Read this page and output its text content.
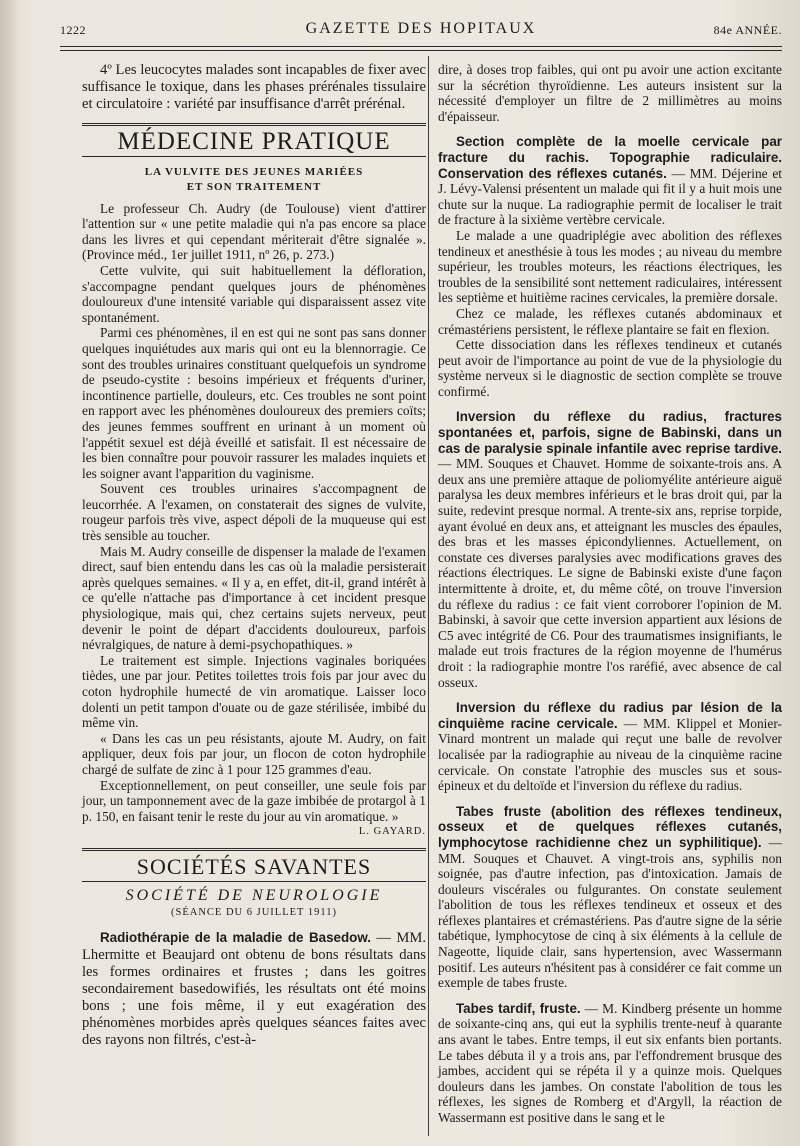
1222	GAZETTE DES HOPITAUX	84e ANNÉE.

4º Les leucocytes malades sont incapables de fixer avec suffisance le toxique, dans les phases prérénales tissulaire et circulatoire : variété par insuffisance d'arrêt prérénal.

MÉDECINE PRATIQUE
LA VULVITE DES JEUNES MARIÉES
ET SON TRAITEMENT

Le professeur Ch. Audry (de Toulouse) vient d'attirer l'attention sur « une petite maladie qui n'a pas encore sa place dans les livres et qui cependant mériterait d'être signalée ». (Province méd., 1er juillet 1911, nº 26, p. 273.)

Cette vulvite, qui suit habituellement la défloration, s'accompagne pendant quelques jours de phénomènes douloureux d'une intensité variable qui disparaissent assez vite spontanément.

Parmi ces phénomènes, il en est qui ne sont pas sans donner quelques inquiétudes aux maris qui ont eu la blennorragie. Ce sont des troubles urinaires constituant quelquefois un syndrome de pseudo-cystite : besoins impérieux et fréquents d'uriner, incontinence partielle, douleurs, etc. Ces troubles ne sont point en rapport avec les phénomènes douloureux des premiers coïts; des jeunes femmes souffrent en urinant à un moment où l'appétit sexuel est déjà éveillé et satisfait. Il est nécessaire de les bien connaître pour pouvoir rassurer les malades inquiets et les soigner avant l'apparition du vaginisme.

Souvent ces troubles urinaires s'accompagnent de leucorrhée. A l'examen, on constaterait des signes de vulvite, rougeur parfois très vive, aspect dépoli de la muqueuse qui est très sensible au toucher.

Mais M. Audry conseille de dispenser la malade de l'examen direct, sauf bien entendu dans les cas où la maladie persisterait après quelques semaines. « Il y a, en effet, dit-il, grand intérêt à ce qu'elle n'attache pas d'importance à cet incident presque physiologique, mais qui, chez certains sujets nerveux, peut devenir le point de départ d'accidents douloureux, parfois névralgiques, de nature à demi-psychopathiques. »

Le traitement est simple. Injections vaginales boriquées tièdes, une par jour. Petites toilettes trois fois par jour avec du coton hydrophile humecté de vin aromatique. Laisser loco dolenti un petit tampon d'ouate ou de gaze stérilisée, imbibé du même vin.

« Dans les cas un peu résistants, ajoute M. Audry, on fait appliquer, deux fois par jour, un flocon de coton hydrophile chargé de sulfate de zinc à 1 pour 125 grammes d'eau.

Exceptionnellement, on peut conseiller, une seule fois par jour, un tamponnement avec de la gaze imbibée de protargol à 1 p. 150, en faisant tenir le reste du jour au vin aromatique. »

L. GAYARD.
SOCIÉTÉS SAVANTES
SOCIÉTÉ DE NEUROLOGIE
(SÉANCE DU 6 JUILLET 1911)

Radiothérapie de la maladie de Basedow. — MM. Lhermitte et Beaujard ont obtenu de bons résultats dans les formes ordinaires et frustes ; dans les goitres secondairement basedowifiés, les résultats ont été moins bons ; une fois même, il y eut exagération des phénomènes morbides après quelques séances faites avec des rayons non filtrés, c'est-à-

dire, à doses trop faibles, qui ont pu avoir une action excitante sur la sécrétion thyroïdienne. Les auteurs insistent sur la nécessité d'employer un filtre de 2 millimètres au moins d'épaisseur.

Section complète de la moelle cervicale par fracture du rachis. Topographie radiculaire. Conservation des réflexes cutanés. — MM. Déjerine et J. Lévy-Valensi présentent un malade qui fit il y a huit mois une chute sur la nuque. La radiographie permit de localiser le trait de fracture à la sixième vertèbre cervicale.

Le malade a une quadriplégie avec abolition des réflexes tendineux et anesthésie à tous les modes ; au niveau du membre supérieur, les troubles moteurs, les réactions électriques, les troubles de la sensibilité sont nettement radiculaires, intéressent les septième et huitième racines cervicales, la première dorsale.

Chez ce malade, les réflexes cutanés abdominaux et crémastériens persistent, le réflexe plantaire se fait en flexion.

Cette dissociation dans les réflexes tendineux et cutanés peut avoir de l'importance au point de vue de la physiologie du système nerveux si le diagnostic de section complète se trouve confirmé.

Inversion du réflexe du radius, fractures spontanées et, parfois, signe de Babinski, dans un cas de paralysie spinale infantile avec reprise tardive. — MM. Souques et Chauvet. Homme de soixante-trois ans. A deux ans une première attaque de poliomyélite antérieure aiguë paralysa les deux membres inférieurs et le bras droit qui, par la suite, redevint presque normal. A trente-six ans, reprise torpide, ayant évolué en deux ans, et atteignant les muscles des épaules, des bras et les masses épicondyliennes. Actuellement, on constate ces diverses paralysies avec modifications graves des réactions électriques. Le signe de Babinski existe d'une façon intermittente à droite, et, du même côté, on trouve l'inversion du réflexe du radius : ce fait vient corroborer l'opinion de M. Babinski, à savoir que cette inversion appartient aux lésions de C5 avec intégrité de C6. Pour des traumatismes insignifiants, le malade eut trois fractures de la région moyenne de l'humérus droit : la radiographie montre l'os raréfié, avec absence de cal osseux.

Inversion du réflexe du radius par lésion de la cinquième racine cervicale. — MM. Klippel et Monier-Vinard montrent un malade qui reçut une balle de revolver localisée par la radiographie au niveau de la cinquième racine cervicale. On constate l'atrophie des muscles sus et sous-épineux et du deltoïde et l'inversion du réflexe du radius.

Tabes fruste (abolition des réflexes tendineux, osseux et de quelques réflexes cutanés, lymphocytose rachidienne chez un syphilitique). — MM. Souques et Chauvet. A vingt-trois ans, syphilis non soignée, pas d'autre infection, pas d'intoxication. Jamais de douleurs viscérales ou fulgurantes. On constate seulement l'abolition de tous les réflexes tendineux et osseux et des réflexes plantaires et crémastériens. Pas d'autre signe de la série tabétique, lymphocytose de cinq à six éléments à la cellule de Nageotte, liquide clair, sans hypertension, avec Wassermann positif. Les auteurs n'hésitent pas à considérer ce fait comme un exemple de tabes fruste.

Tabes tardif, fruste. — M. Kindberg présente un homme de soixante-cinq ans, qui eut la syphilis trente-neuf à quarante ans avant le tabes. Entre temps, il eut six enfants bien portants. Le tabes débuta il y a trois ans, par l'effondrement brusque des jambes, accident qui se répéta il y a quinze mois. Quelques douleurs dans les jambes. On constate l'abolition de tous les réflexes, les signes de Romberg et d'Argyll, la réaction de Wassermann est positive dans le sang et le
